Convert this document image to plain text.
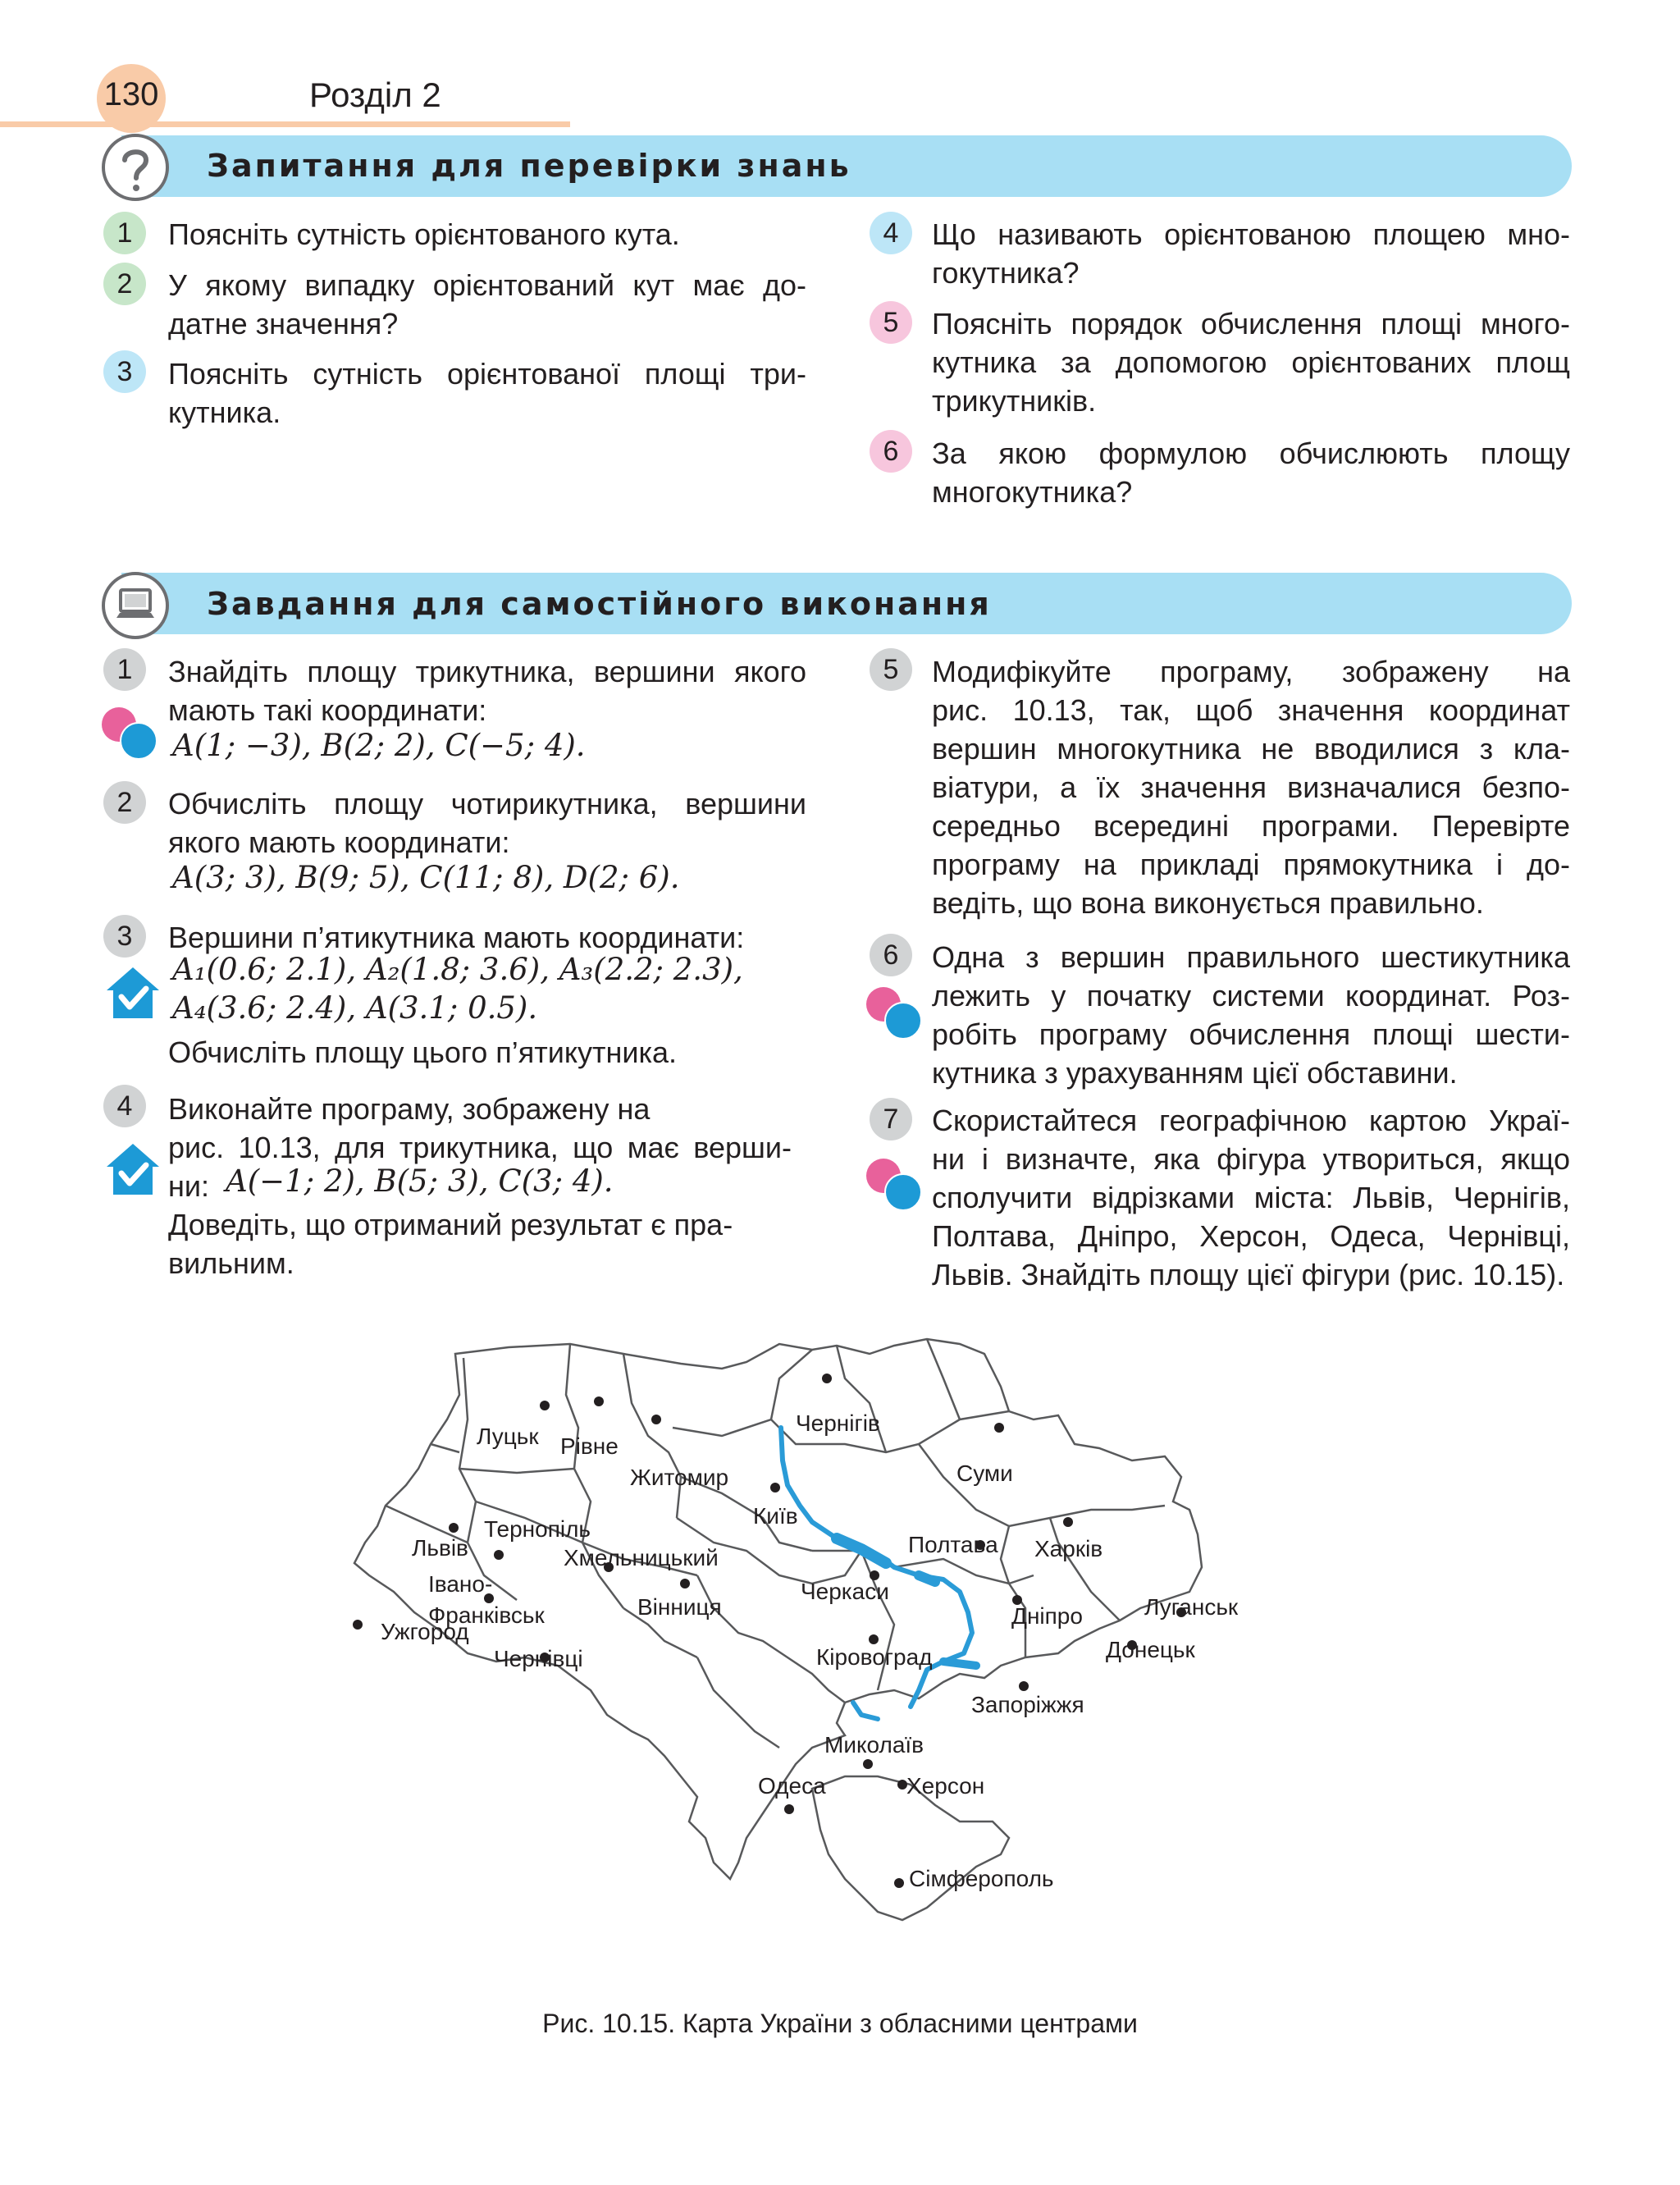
130	Розділ 2
Запитання для перевірки знань
1	Поясніть сутність орієнтованого кута.
2	У якому випадку орієнтований кут має до-
датне значення?
3	Поясніть сутність орієнтованої площі три-
кутника.
4	Що називають орієнтованою площею мно-
гокутника?
5	Поясніть порядок обчислення площі много-
кутника за допомогою орієнтованих площ
трикутників.
6	За якою формулою обчислюють площу
многокутника?
Завдання для самостійного виконання
1	Знайдіть площу трикутника, вершини якого
мають такі координати:
A(1; −3), B(2; 2), C(−5; 4).
2	Обчисліть площу чотирикутника, вершини
якого мають координати:
A(3; 3), B(9; 5), C(11; 8), D(2; 6).
3	Вершини п’ятикутника мають координати:
A₁(0.6; 2.1), A₂(1.8; 3.6), A₃(2.2; 2.3),
A₄(3.6; 2.4), A(3.1; 0.5).
Обчисліть площу цього п’ятикутника.
4	Виконайте програму, зображену на
рис. 10.13, для трикутника, що має верши-
ни: A(−1; 2), B(5; 3), C(3; 4).
Доведіть, що отриманий результат є пра-
вильним.
5	Модифікуйте програму, зображену на
рис. 10.13, так, щоб значення координат
вершин многокутника не вводилися з кла-
віатури, а їх значення визначалися безпо-
середньо всередині програми. Перевірте
програму на прикладі прямокутника і до-
ведіть, що вона виконується правильно.
6	Одна з вершин правильного шестикутника
лежить у початку системи координат. Роз-
робіть програму обчислення площі шести-
кутника з урахуванням цієї обставини.
7	Скористайтеся географічною картою Украї-
ни і визначте, яка фігура утвориться, якщо
сполучити відрізками міста: Львів, Чернігів,
Полтава, Дніпро, Херсон, Одеса, Чернівці,
Львів. Знайдіть площу цієї фігури (рис. 10.15).
Луцьк Рівне
Житомир
Чернігів
Суми
Київ
Полтава Харків
Львів
Тернопіль
Хмельницький
Івано-
Франківськ	Вінниця
Черкаси
Дніпро	Луганськ
Ужгород
Чернівці	Кіровоград	Донецьк
Запоріжжя
Миколаїв
Одеса	Херсон
Сімферополь
Рис. 10.15. Карта України з обласними центрами
